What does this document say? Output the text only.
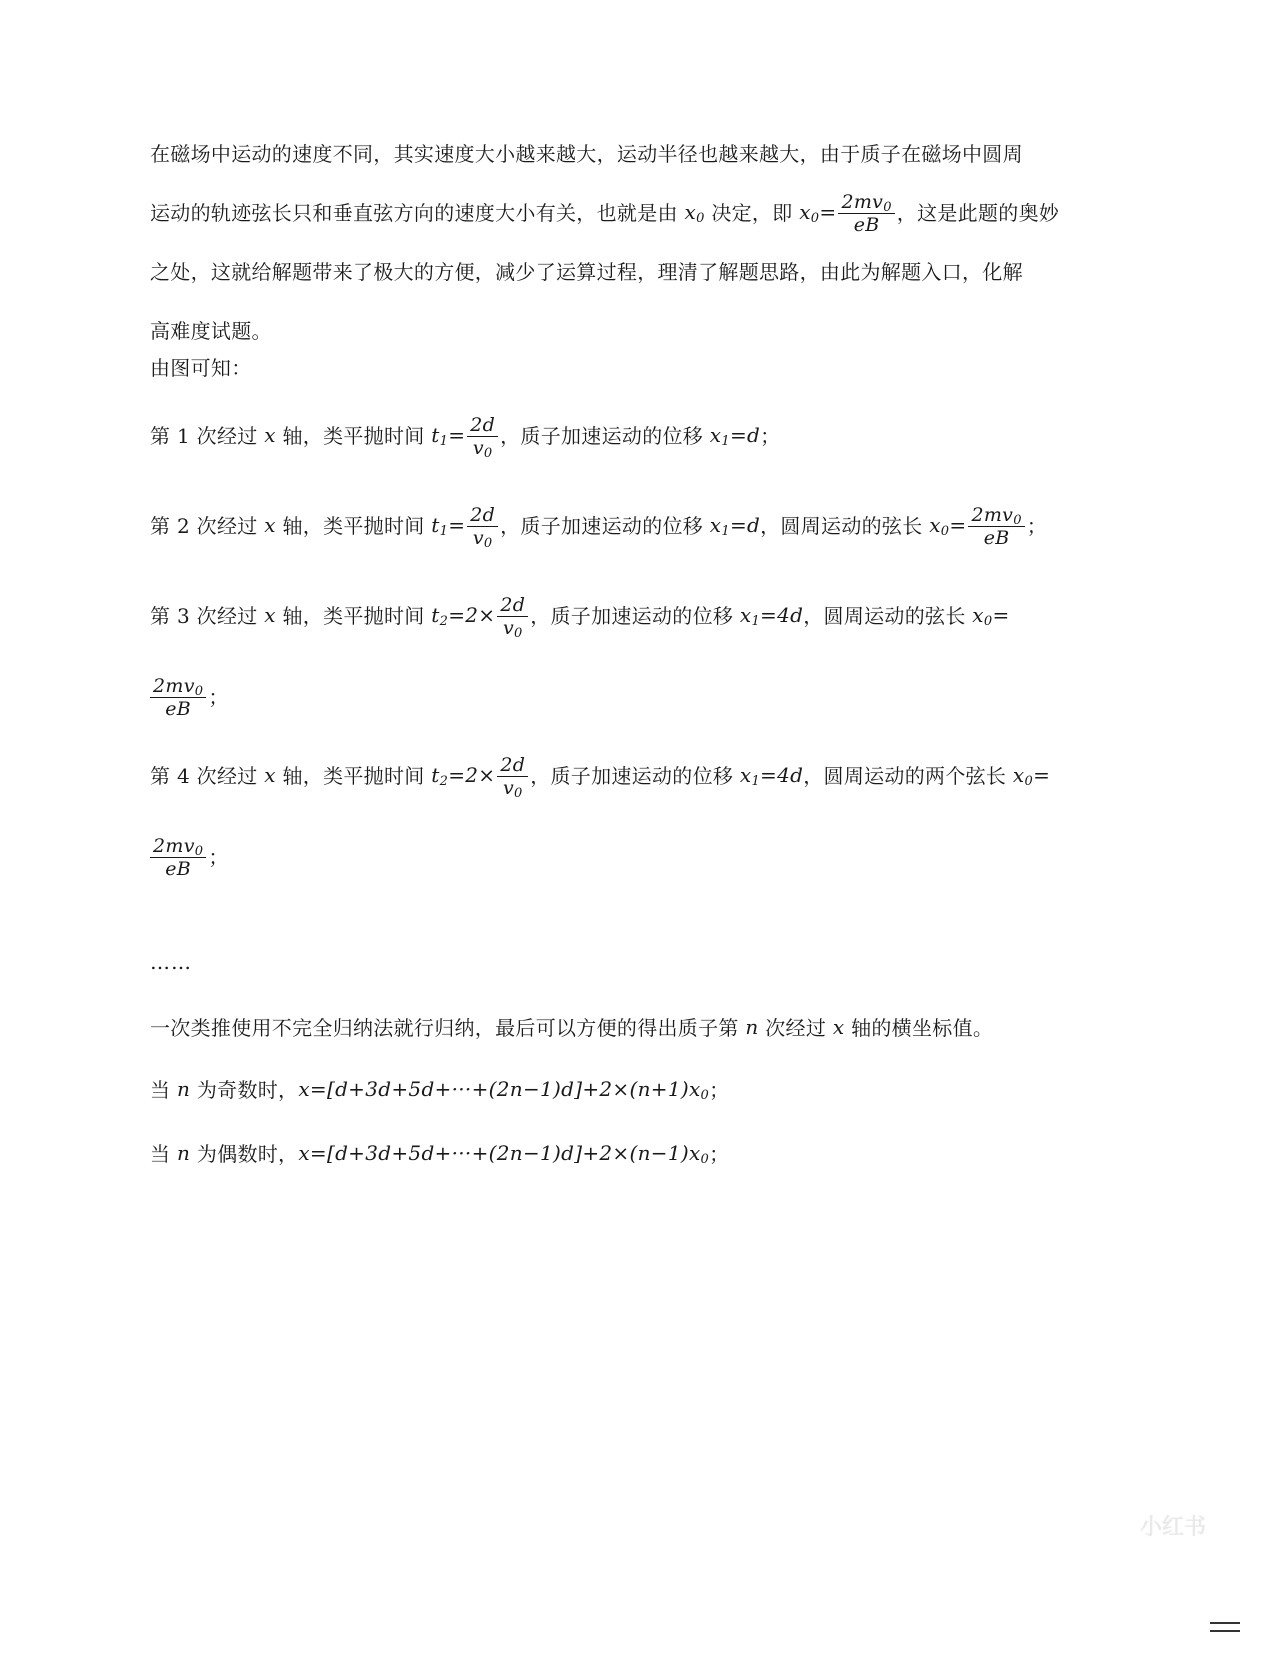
在磁场中运动的速度不同，其实速度大小越来越大，运动半径也越来越大，由于质子在磁场中圆周
运动的轨迹弦长只和垂直弦方向的速度大小有关，也就是由 $x_0$ 决定，即 $x_0= \frac{2mv_0}{eB}$ ，这是此题的奥妙
之处，这就给解题带来了极大的方便，减少了运算过程，理清了解题思路，由此为解题入口，化解
高难度试题。
由图可知：
第 1 次经过 x 轴，类平抛时间 $t_1= \frac{2d}{v_0}$ ，质子加速运动的位移 $x_1=d$；
第 2 次经过 x 轴，类平抛时间 $t_1= \frac{2d}{v_0}$ ，质子加速运动的位移 $x_1=d$，圆周运动的弦长 $x_0= \frac{2mv_0}{eB}$ ；
第 3 次经过 x 轴，类平抛时间 $t_2=2\times \frac{2d}{v_0}$ ，质子加速运动的位移 $x_1=4d$，圆周运动的弦长 $x_0=$
$\frac{2mv_0}{eB}$ ；
第 4 次经过 x 轴，类平抛时间 $t_2=2\times \frac{2d}{v_0}$ ，质子加速运动的位移 $x_1=4d$，圆周运动的两个弦长 $x_0=$
$\frac{2mv_0}{eB}$ ；
……
一次类推使用不完全归纳法就行归纳，最后可以方便的得出质子第 n 次经过 x 轴的横坐标值。
当 n 为奇数时，$x=[d+3d+5d+\cdot\cdot\cdot+(2n-1)d]+2\times(n+1)x_0$；
当 n 为偶数时，$x=[d+3d+5d+\cdot\cdot\cdot+(2n-1)d]+2\times(n-1)x_0$；
小红书
